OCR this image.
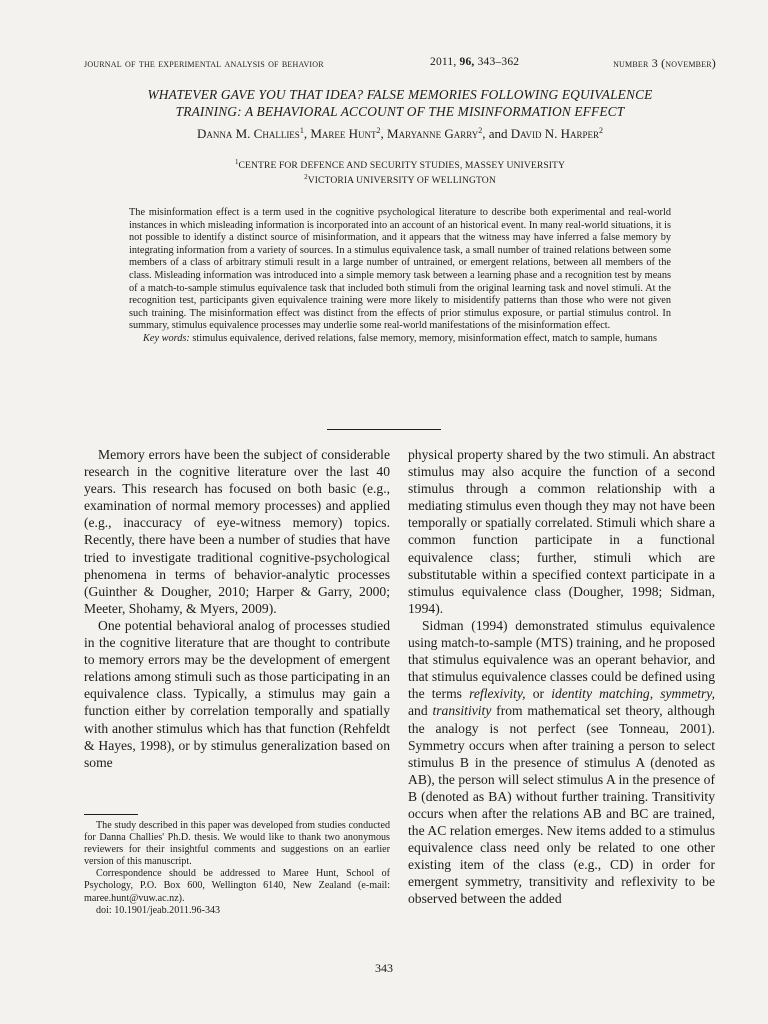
journal of the experimental analysis of behavior	2011, 96, 343–362	number 3 (november)
WHATEVER GAVE YOU THAT IDEA? FALSE MEMORIES FOLLOWING EQUIVALENCE
TRAINING: A BEHAVIORAL ACCOUNT OF THE MISINFORMATION EFFECT
Danna M. Challies$^1$, Maree Hunt$^2$, Maryanne Garry$^2$, and David N. Harper$^2$
$^1$CENTRE FOR DEFENCE AND SECURITY STUDIES, MASSEY UNIVERSITY
$^2$VICTORIA UNIVERSITY OF WELLINGTON

The misinformation effect is a term used in the cognitive psychological literature to describe both experimental and real-world instances in which misleading information is incorporated into an account of an historical event. In many real-world situations, it is not possible to identify a distinct source of misinformation, and it appears that the witness may have inferred a false memory by integrating information from a variety of sources. In a stimulus equivalence task, a small number of trained relations between some members of a class of arbitrary stimuli result in a large number of untrained, or emergent relations, between all members of the class. Misleading information was introduced into a simple memory task between a learning phase and a recognition test by means of a match-to-sample stimulus equivalence task that included both stimuli from the original learning task and novel stimuli. At the recognition test, participants given equivalence training were more likely to misidentify patterns than those who were not given such training. The misinformation effect was distinct from the effects of prior stimulus exposure, or partial stimulus control. In summary, stimulus equivalence processes may underlie some real-world manifestations of the misinformation effect.

Key words: stimulus equivalence, derived relations, false memory, memory, misinformation effect, match to sample, humans

Memory errors have been the subject of considerable research in the cognitive literature over the last 40 years. This research has focused on both basic (e.g., examination of normal memory processes) and applied (e.g., inaccuracy of eye-witness memory) topics. Recently, there have been a number of studies that have tried to investigate traditional cognitive-psychological phenomena in terms of behavior-analytic processes (Guinther & Dougher, 2010; Harper & Garry, 2000; Meeter, Shohamy, & Myers, 2009).

One potential behavioral analog of processes studied in the cognitive literature that are thought to contribute to memory errors may be the development of emergent relations among stimuli such as those participating in an equivalence class. Typically, a stimulus may gain a function either by correlation temporally and spatially with another stimulus which has that function (Rehfeldt & Hayes, 1998), or by stimulus generalization based on some

physical property shared by the two stimuli. An abstract stimulus may also acquire the function of a second stimulus through a common relationship with a mediating stimulus even though they may not have been temporally or spatially correlated. Stimuli which share a common function participate in a functional equivalence class; further, stimuli which are substitutable within a specified context participate in a stimulus equivalence class (Dougher, 1998; Sidman, 1994).

Sidman (1994) demonstrated stimulus equivalence using match-to-sample (MTS) training, and he proposed that stimulus equivalence was an operant behavior, and that stimulus equivalence classes could be defined using the terms reflexivity, or identity matching, symmetry, and transitivity from mathematical set theory, although the analogy is not perfect (see Tonneau, 2001). Symmetry occurs when after training a person to select stimulus B in the presence of stimulus A (denoted as AB), the person will select stimulus A in the presence of B (denoted as BA) without further training. Transitivity occurs when after the relations AB and BC are trained, the AC relation emerges. New items added to a stimulus equivalence class need only be related to one other existing item of the class (e.g., CD) in order for emergent symmetry, transitivity and reflexivity to be observed between the added

The study described in this paper was developed from studies conducted for Danna Challies' Ph.D. thesis. We would like to thank two anonymous reviewers for their insightful comments and suggestions on an earlier version of this manuscript.

Correspondence should be addressed to Maree Hunt, School of Psychology, P.O. Box 600, Wellington 6140, New Zealand (e-mail: maree.hunt@vuw.ac.nz).

doi: 10.1901/jeab.2011.96-343

343
